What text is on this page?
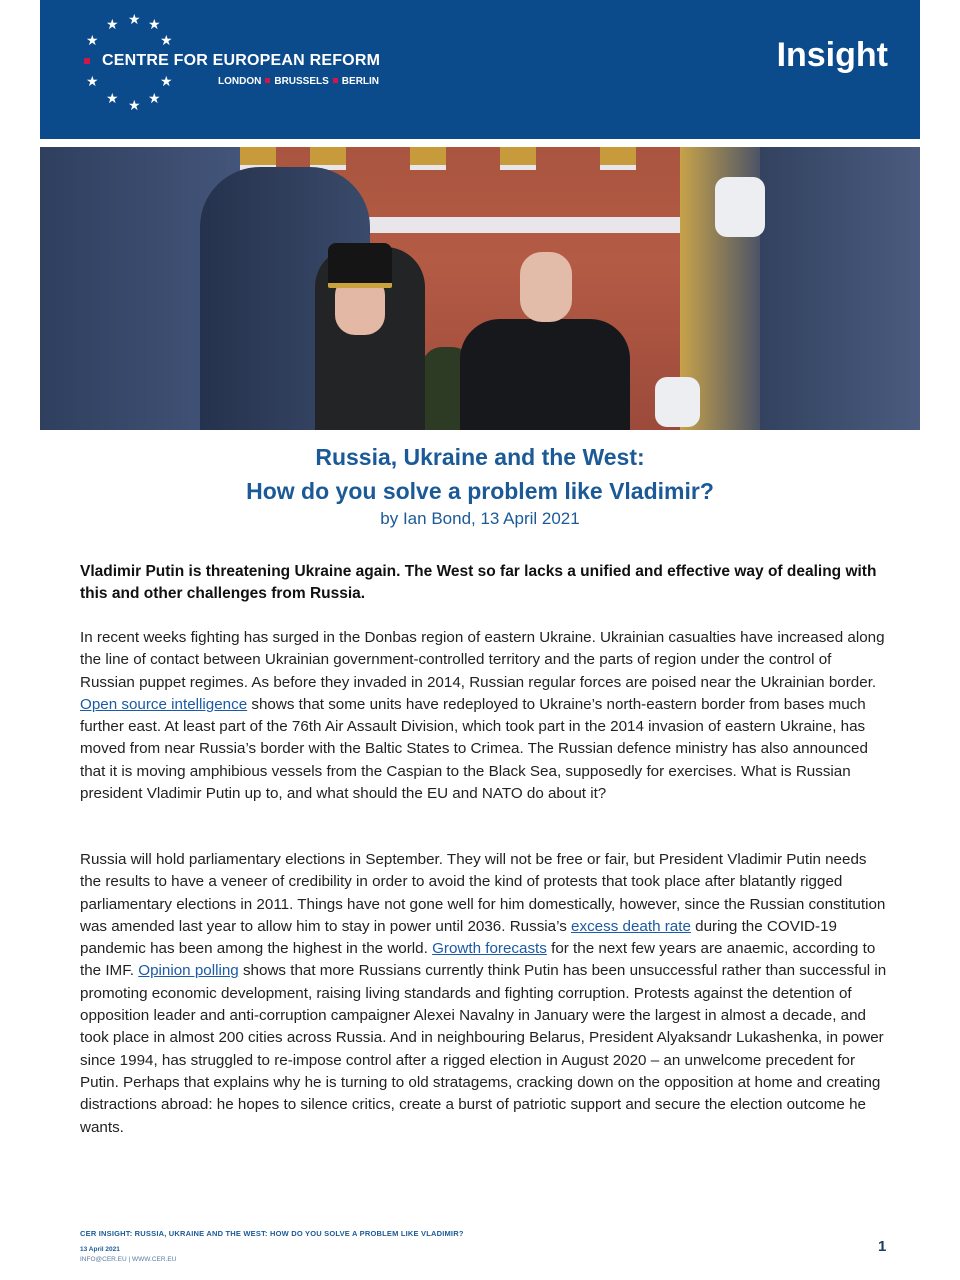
★ ★
★
★
★
★
★
★
★
★
CENTRE FOR EUROPEAN REFORM
LONDON BRUSSELS BERLIN
Insight
Russia, Ukraine and the West:
How do you solve a problem like Vladimir?
by Ian Bond, 13 April 2021
Vladimir Putin is threatening Ukraine again. The West so far lacks a unified and effective way of dealing with this and other challenges from Russia.
In recent weeks fighting has surged in the Donbas region of eastern Ukraine. Ukrainian casualties have increased along the line of contact between Ukrainian government-controlled territory and the parts of region under the control of Russian puppet regimes. As before they invaded in 2014, Russian regular forces are poised near the Ukrainian border. Open source intelligence shows that some units have redeployed to Ukraine’s north-eastern border from bases much further east. At least part of the 76th Air Assault Division, which took part in the 2014 invasion of eastern Ukraine, has moved from near Russia’s border with the Baltic States to Crimea. The Russian defence ministry has also announced that it is moving amphibious vessels from the Caspian to the Black Sea, supposedly for exercises. What is Russian president Vladimir Putin up to, and what should the EU and NATO do about it?
Russia will hold parliamentary elections in September. They will not be free or fair, but President Vladimir Putin needs the results to have a veneer of credibility in order to avoid the kind of protests that took place after blatantly rigged parliamentary elections in 2011. Things have not gone well for him domestically, however, since the Russian constitution was amended last year to allow him to stay in power until 2036. Russia’s excess death rate during the COVID-19 pandemic has been among the highest in the world. Growth forecasts for the next few years are anaemic, according to the IMF. Opinion polling shows that more Russians currently think Putin has been unsuccessful rather than successful in promoting economic development, raising living standards and fighting corruption. Protests against the detention of opposition leader and anti-corruption campaigner Alexei Navalny in January were the largest in almost a decade, and took place in almost 200 cities across Russia. And in neighbouring Belarus, President Alyaksandr Lukashenka, in power since 1994, has struggled to re-impose control after a rigged election in August 2020 – an unwelcome precedent for Putin. Perhaps that explains why he is turning to old stratagems, cracking down on the opposition at home and creating distractions abroad: he hopes to silence critics, create a burst of patriotic support and secure the election outcome he wants.
CER INSIGHT: RUSSIA, UKRAINE AND THE WEST: HOW DO YOU SOLVE A PROBLEM LIKE VLADIMIR?
13 April 2021
INFO@CER.EU | WWW.CER.EU
1
